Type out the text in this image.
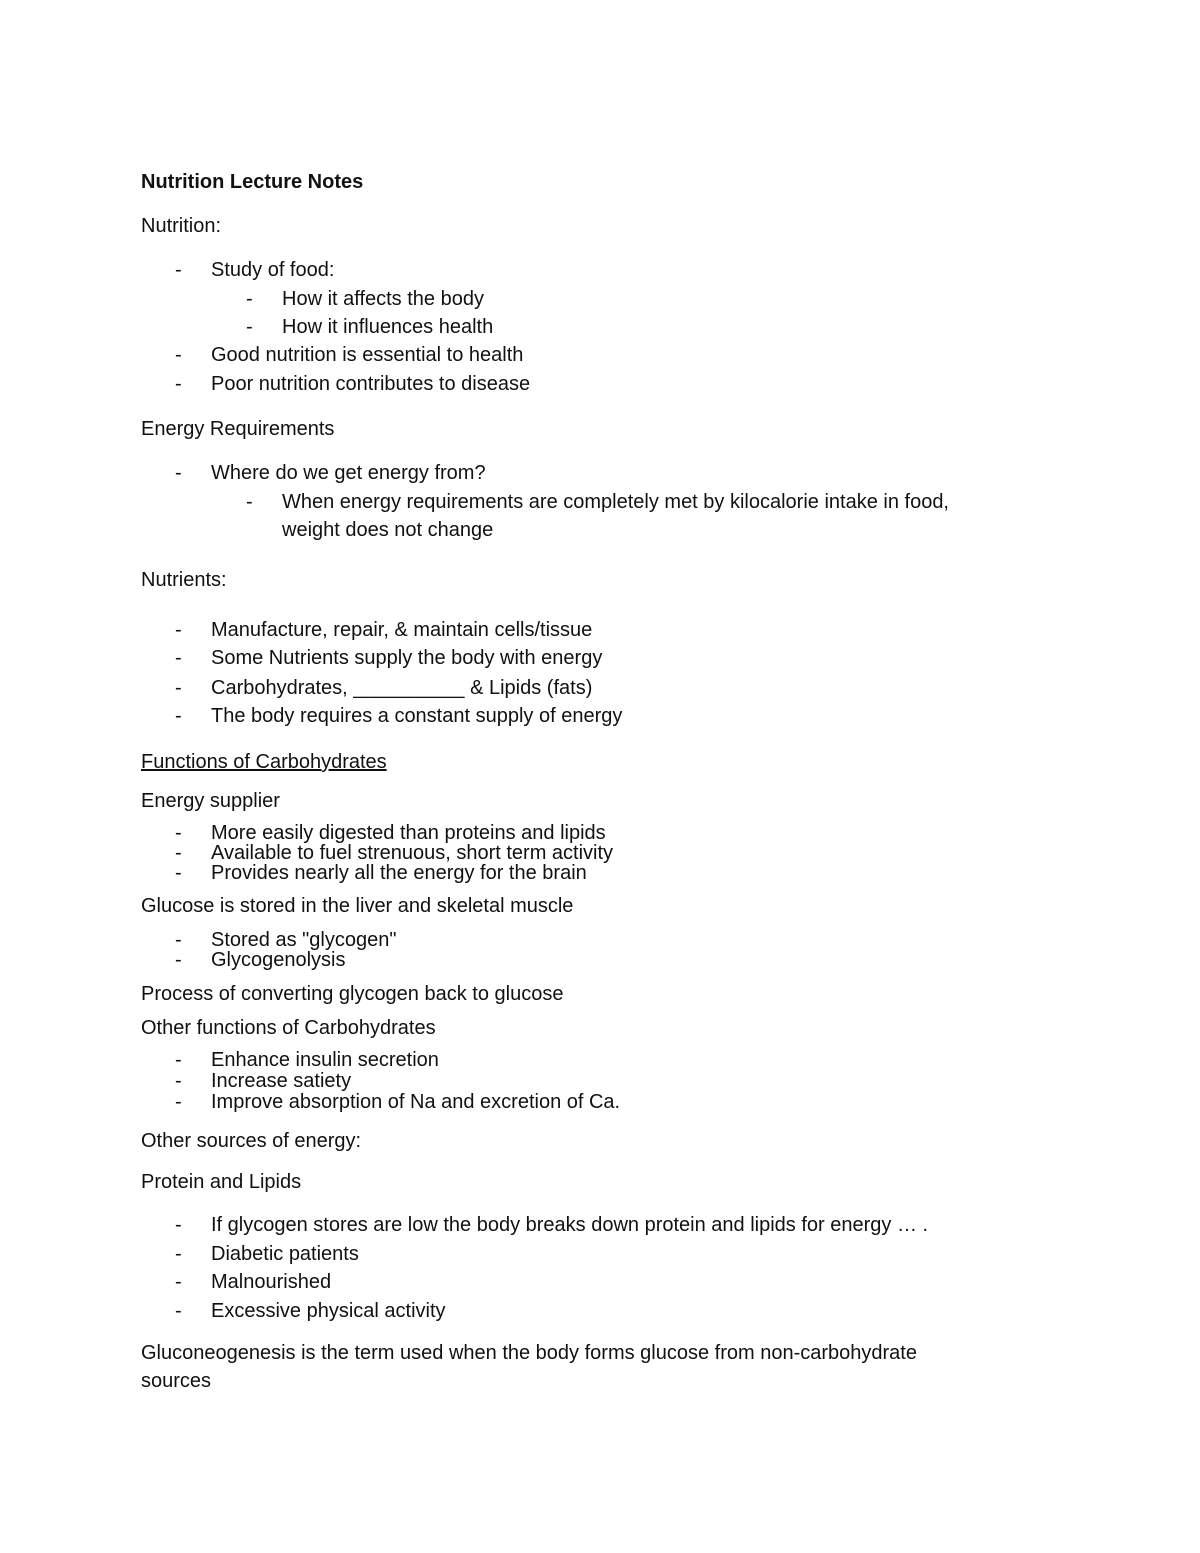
Nutrition Lecture Notes
Nutrition:
- Study of food:
- How it affects the body
- How it influences health
- Good nutrition is essential to health
- Poor nutrition contributes to disease
Energy Requirements
- Where do we get energy from?
- When energy requirements are completely met by kilocalorie intake in food,
weight does not change
Nutrients:
- Manufacture, repair, & maintain cells/tissue
- Some Nutrients supply the body with energy
- Carbohydrates, __________ & Lipids (fats)
- The body requires a constant supply of energy
Functions of Carbohydrates
Energy supplier
- More easily digested than proteins and lipids
- Available to fuel strenuous, short term activity
- Provides nearly all the energy for the brain
Glucose is stored in the liver and skeletal muscle
- Stored as "glycogen"
- Glycogenolysis
Process of converting glycogen back to glucose
Other functions of Carbohydrates
- Enhance insulin secretion
- Increase satiety
- Improve absorption of Na and excretion of Ca.
Other sources of energy:
Protein and Lipids
- If glycogen stores are low the body breaks down protein and lipids for energy … .
- Diabetic patients
- Malnourished
- Excessive physical activity
Gluconeogenesis is the term used when the body forms glucose from non-carbohydrate
sources
